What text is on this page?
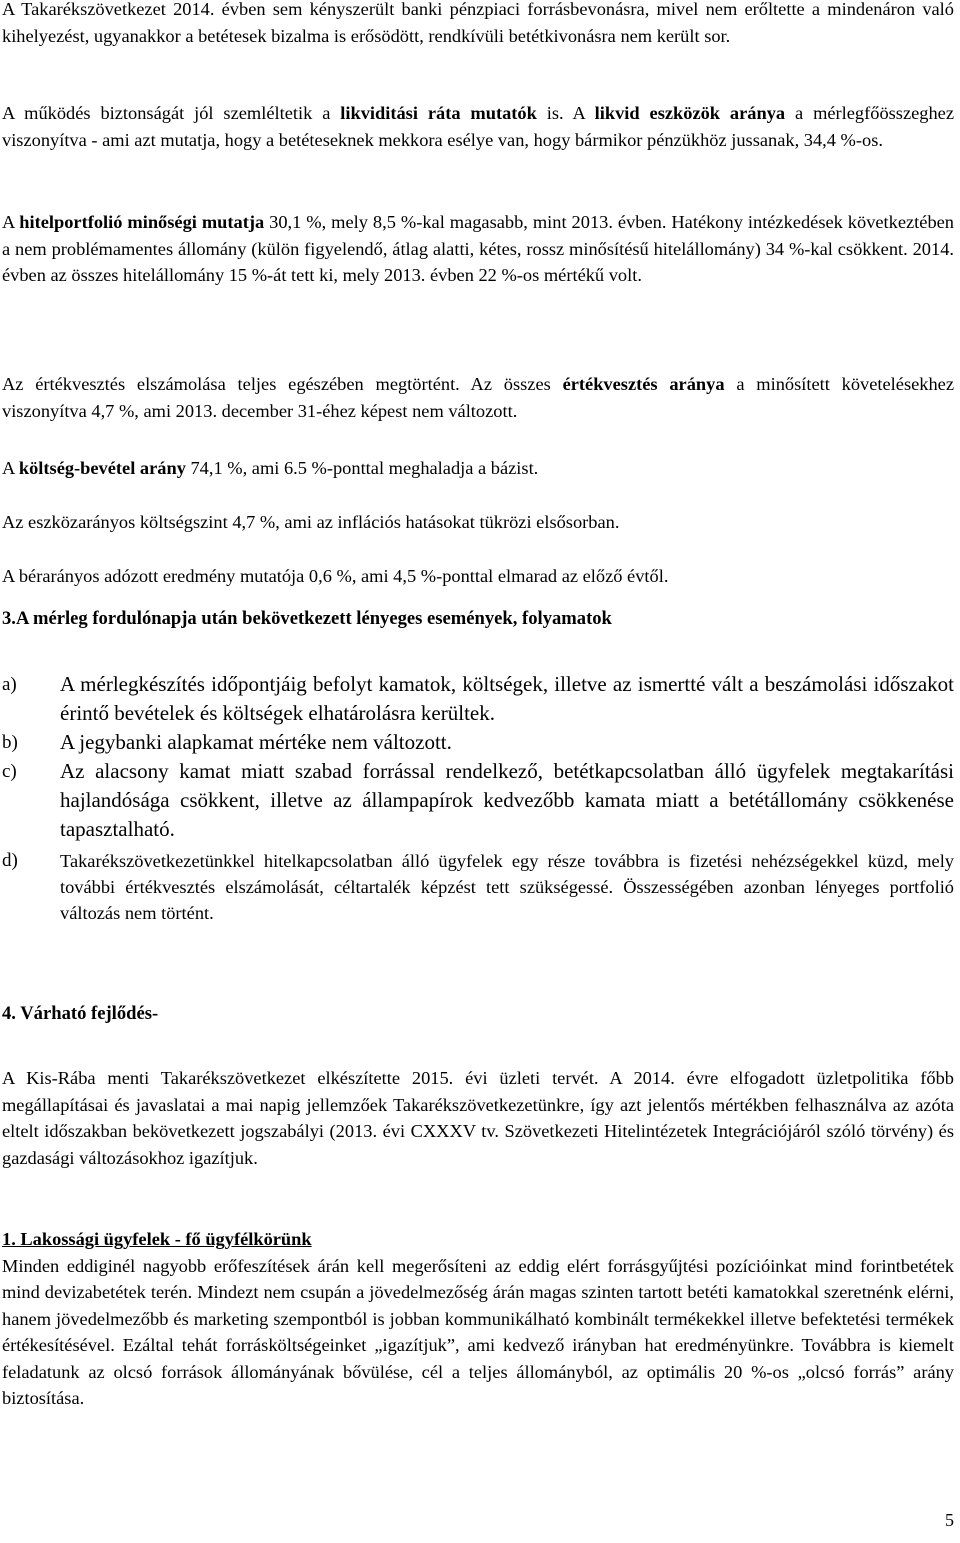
A Takarékszövetkezet 2014. évben sem kényszerült banki pénzpiaci forrásbevonásra, mivel nem erőltette a mindenáron való kihelyezést, ugyanakkor a betétesek bizalma is erősödött, rendkívüli betétkivonásra nem került sor.

A működés biztonságát jól szemléltetik a likviditási ráta mutatók is. A likvid eszközök aránya a mérlegfőösszeghez viszonyítva - ami azt mutatja, hogy a betéteseknek mekkora esélye van, hogy bármikor pénzükhöz jussanak, 34,4 %-os.

A hitelportfolió minőségi mutatja 30,1 %, mely 8,5 %-kal magasabb, mint 2013. évben. Hatékony intézkedések következtében a nem problémamentes állomány (külön figyelendő, átlag alatti, kétes, rossz minősítésű hitelállomány) 34 %-kal csökkent. 2014. évben az összes hitelállomány 15 %-át tett ki, mely 2013. évben 22 %-os mértékű volt.

Az értékvesztés elszámolása teljes egészében megtörtént. Az összes értékvesztés aránya a minősített követelésekhez viszonyítva 4,7 %, ami 2013. december 31-éhez képest nem változott.

A költség-bevétel arány 74,1 %, ami 6.5 %-ponttal meghaladja a bázist.

Az eszközarányos költségszint 4,7 %, ami az inflációs hatásokat tükrözi elsősorban.

A bérarányos adózott eredmény mutatója 0,6 %, ami 4,5 %-ponttal elmarad az előző évtől.

3.A mérleg fordulónapja után bekövetkezett lényeges események, folyamatok
a) A mérlegkészítés időpontjáig befolyt kamatok, költségek, illetve az ismertté vált a beszámolási időszakot érintő bevételek és költségek elhatárolásra kerültek.
b) A jegybanki alapkamat mértéke nem változott.
c) Az alacsony kamat miatt szabad forrással rendelkező, betétkapcsolatban álló ügyfelek megtakarítási hajlandósága csökkent, illetve az állampapírok kedvezőbb kamata miatt a betétállomány csökkenése tapasztalható.
d) Takarékszövetkezetünkkel hitelkapcsolatban álló ügyfelek egy része továbbra is fizetési nehézségekkel küzd, mely további értékvesztés elszámolását, céltartalék képzést tett szükségessé. Összességében azonban lényeges portfolió változás nem történt.
4. Várható fejlődés-

A Kis-Rába menti Takarékszövetkezet elkészítette 2015. évi üzleti tervét. A 2014. évre elfogadott üzletpolitika főbb megállapításai és javaslatai a mai napig jellemzőek Takarékszövetkezetünkre, így azt jelentős mértékben felhasználva az azóta eltelt időszakban bekövetkezett jogszabályi (2013. évi CXXXV tv. Szövetkezeti Hitelintézetek Integrációjáról szóló törvény) és gazdasági változásokhoz igazítjuk.

1. Lakossági ügyfelek - fő ügyfélkörünk

Minden eddiginél nagyobb erőfeszítések árán kell megerősíteni az eddig elért forrásgyűjtési pozícióinkat mind forintbetétek mind devizabetétek terén. Mindezt nem csupán a jövedelmezőség árán magas szinten tartott betéti kamatokkal szeretnénk elérni, hanem jövedelmezőbb és marketing szempontból is jobban kommunikálható kombinált termékekkel illetve befektetési termékek értékesítésével. Ezáltal tehát forrásköltségeinket „igazítjuk”, ami kedvező irányban hat eredményünkre. Továbbra is kiemelt feladatunk az olcsó források állományának bővülése, cél a teljes állományból, az optimális 20 %-os „olcsó forrás” arány biztosítása.

5
